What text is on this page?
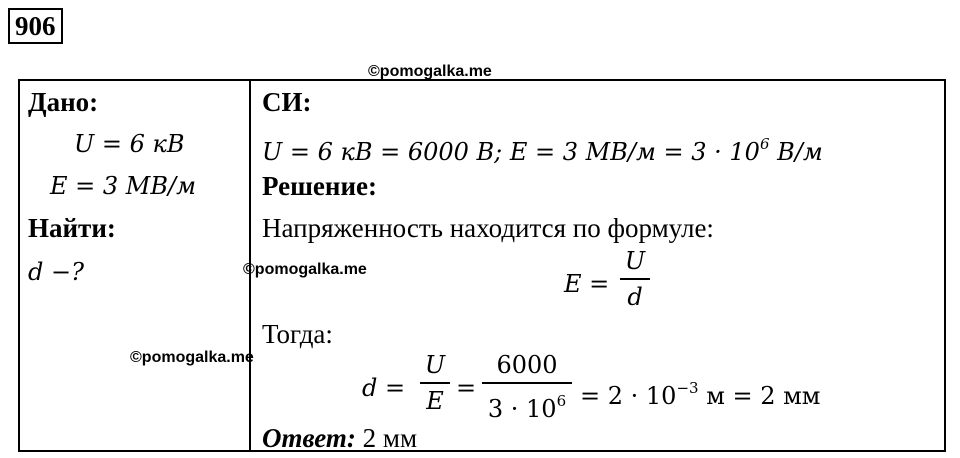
906
©pomogalka.me
Дано:
U = 6 кВ
E = 3 МВ/м
Найти:
d −?	©pomogalka.me
©pomogalka.me
СИ:
U = 6 кВ = 6000 В; E = 3 $МВ/м = 3 \cdot 10^6$ В/м
Решение:
Напряженность находится по формуле:
E =
U
d
Тогда:
d =
U
E =
6000
$3 \cdot 10^6 = 2 \cdot 10^{-3}$ м = 2 мм
Ответ: 2 мм
